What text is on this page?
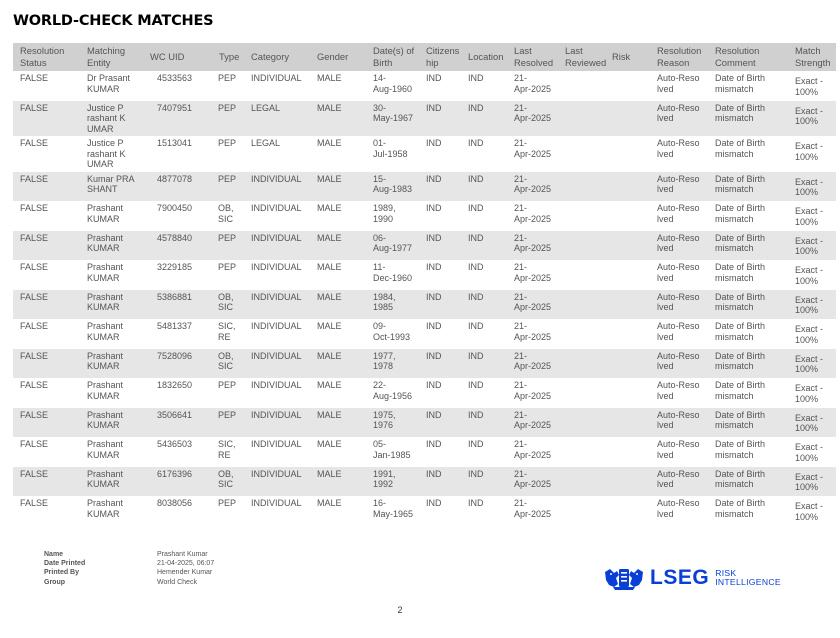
WORLD-CHECK MATCHES
Resolution
Status	Matching
Entity	WC UID	Type	Category	Gender	Date(s) of
Birth	Citizens
hip	Location	Last
Resolved	Last
Reviewed	Risk	Resolution
Reason	Resolution
Comment	Match
Strength
FALSE	Dr Prasant
KUMAR	4533563	PEP	INDIVIDUAL	MALE	14-
Aug-1960	IND	IND	21-
Apr-2025			Auto-Reso
lved	Date of Birth
mismatch	Exact -
100%
FALSE	Justice P
rashant K
UMAR	7407951	PEP	LEGAL	MALE	30-
May-1967	IND	IND	21-
Apr-2025			Auto-Reso
lved	Date of Birth
mismatch	Exact -
100%
FALSE	Justice P
rashant K
UMAR	1513041	PEP	LEGAL	MALE	01-
Jul-1958	IND	IND	21-
Apr-2025			Auto-Reso
lved	Date of Birth
mismatch	Exact -
100%
FALSE	Kumar PRA
SHANT	4877078	PEP	INDIVIDUAL	MALE	15-
Aug-1983	IND	IND	21-
Apr-2025			Auto-Reso
lved	Date of Birth
mismatch	Exact -
100%
FALSE	Prashant
KUMAR	7900450	OB,
SIC	INDIVIDUAL	MALE	1989,
1990	IND	IND	21-
Apr-2025			Auto-Reso
lved	Date of Birth
mismatch	Exact -
100%
FALSE	Prashant
KUMAR	4578840	PEP	INDIVIDUAL	MALE	06-
Aug-1977	IND	IND	21-
Apr-2025			Auto-Reso
lved	Date of Birth
mismatch	Exact -
100%
FALSE	Prashant
KUMAR	3229185	PEP	INDIVIDUAL	MALE	11-
Dec-1960	IND	IND	21-
Apr-2025			Auto-Reso
lved	Date of Birth
mismatch	Exact -
100%
FALSE	Prashant
KUMAR	5386881	OB,
SIC	INDIVIDUAL	MALE	1984,
1985	IND	IND	21-
Apr-2025			Auto-Reso
lved	Date of Birth
mismatch	Exact -
100%
FALSE	Prashant
KUMAR	5481337	SIC,
RE	INDIVIDUAL	MALE	09-
Oct-1993	IND	IND	21-
Apr-2025			Auto-Reso
lved	Date of Birth
mismatch	Exact -
100%
FALSE	Prashant
KUMAR	7528096	OB,
SIC	INDIVIDUAL	MALE	1977,
1978	IND	IND	21-
Apr-2025			Auto-Reso
lved	Date of Birth
mismatch	Exact -
100%
FALSE	Prashant
KUMAR	1832650	PEP	INDIVIDUAL	MALE	22-
Aug-1956	IND	IND	21-
Apr-2025			Auto-Reso
lved	Date of Birth
mismatch	Exact -
100%
FALSE	Prashant
KUMAR	3506641	PEP	INDIVIDUAL	MALE	1975,
1976	IND	IND	21-
Apr-2025			Auto-Reso
lved	Date of Birth
mismatch	Exact -
100%
FALSE	Prashant
KUMAR	5436503	SIC,
RE	INDIVIDUAL	MALE	05-
Jan-1985	IND	IND	21-
Apr-2025			Auto-Reso
lved	Date of Birth
mismatch	Exact -
100%
FALSE	Prashant
KUMAR	6176396	OB,
SIC	INDIVIDUAL	MALE	1991,
1992	IND	IND	21-
Apr-2025			Auto-Reso
lved	Date of Birth
mismatch	Exact -
100%
FALSE	Prashant
KUMAR	8038056	PEP	INDIVIDUAL	MALE	16-
May-1965	IND	IND	21-
Apr-2025			Auto-Reso
lved	Date of Birth
mismatch	Exact -
100%
Name	Prashant Kumar
Date Printed	21-04-2025, 06:07
Printed By	Hemender Kumar
Group	World Check	LSEG RISK
INTELLIGENCE
2
